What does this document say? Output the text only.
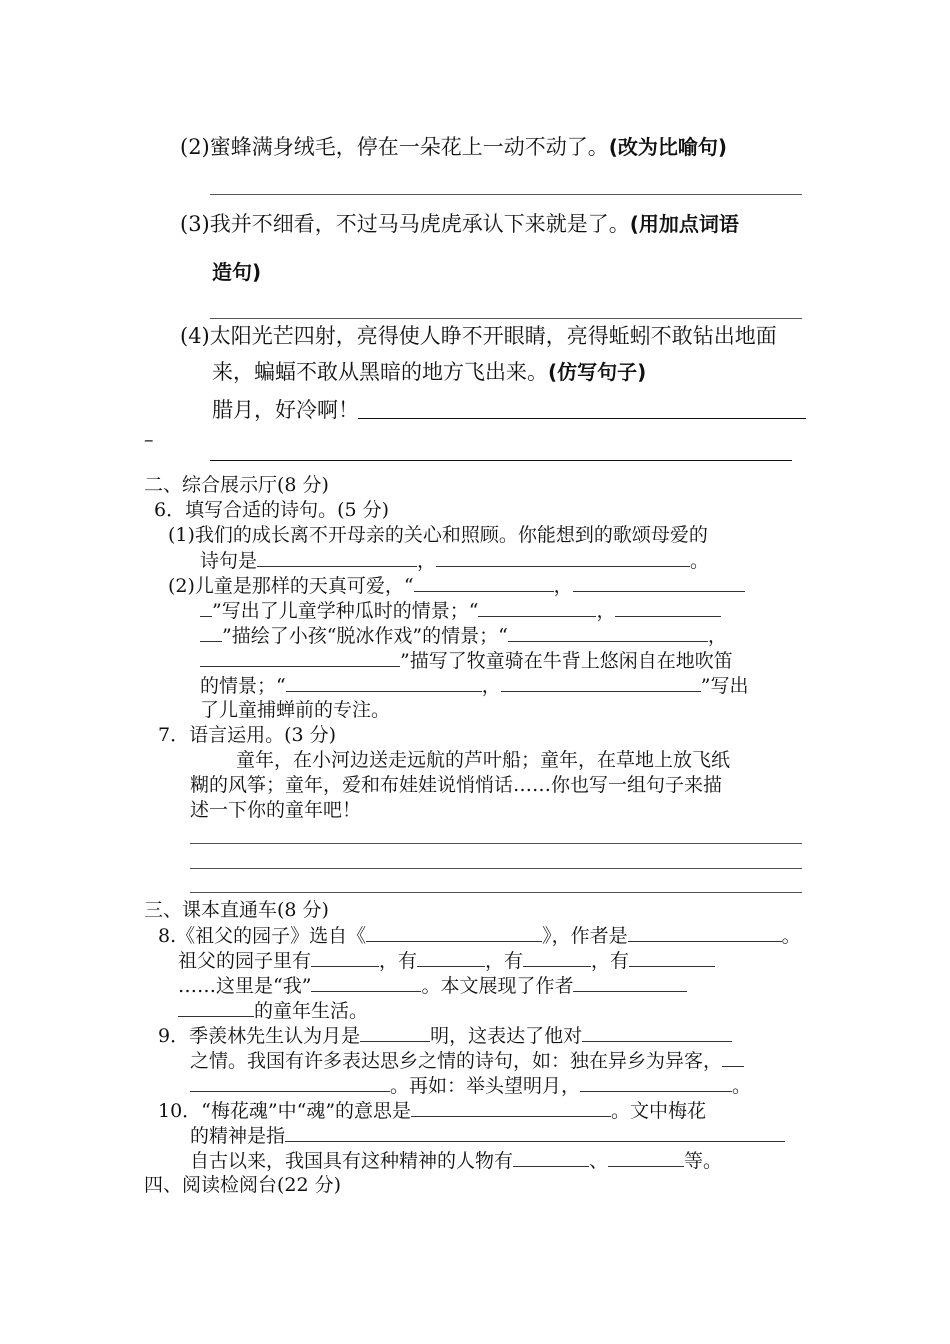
(2)蜜蜂满身绒毛，停在一朵花上一动不动了。(改为比喻句)
(3)我并不细看，不过马马虎虎承认下来就是了。(用加点词语
造句)
(4)太阳光芒四射，亮得使人睁不开眼睛，亮得蚯蚓不敢钻出地面
来，蝙蝠不敢从黑暗的地方飞出来。(仿写句子)
腊月，好冷啊！
–
二、综合展示厅(8 分)
6．填写合适的诗句。(5 分)
(1)我们的成长离不开母亲的关心和照顾。你能想到的歌颂母爱的
诗句是	，	。
(2)儿童是那样的天真可爱，“	，
”写出了儿童学种瓜时的情景；“	，
”描绘了小孩“脱冰作戏”的情景；“	，
”描写了牧童骑在牛背上悠闲自在地吹笛
的情景；“	，	”写出
了儿童捕蝉前的专注。
7．语言运用。(3 分)
童年，在小河边送走远航的芦叶船；童年，在草地上放飞纸
糊的风筝；童年，爱和布娃娃说悄悄话……你也写一组句子来描
述一下你的童年吧！
三、课本直通车(8 分)
8.《祖父的园子》选自《	》，作者是	。
祖父的园子里有	，有	，有	，有
……这里是“我”	。本文展现了作者
的童年生活。
9．季羡林先生认为月是	明，这表达了他对
之情。我国有许多表达思乡之情的诗句，如：独在异乡为异客，
。再如：举头望明月，	。
10．“梅花魂”中“魂”的意思是	。文中梅花
的精神是指
自古以来，我国具有这种精神的人物有	、	等。
四、阅读检阅台(22 分)
